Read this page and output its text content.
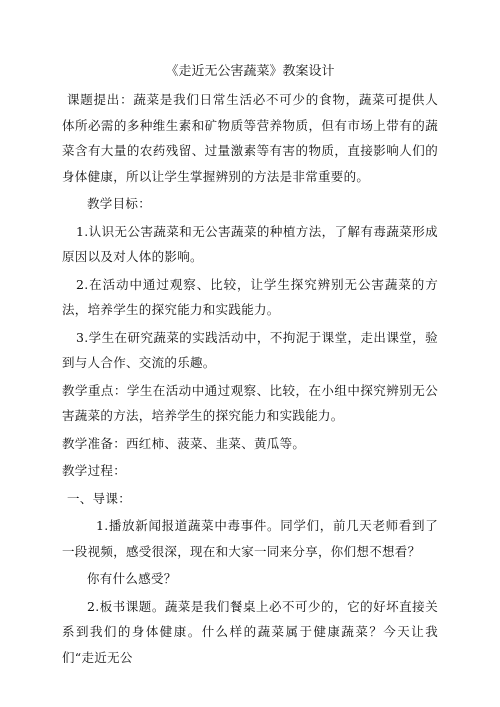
《走近无公害蔬菜》教案设计

课题提出：蔬菜是我们日常生活必不可少的食物，蔬菜可提供人体所必需的多种维生素和矿物质等营养物质，但有市场上带有的蔬菜含有大量的农药残留、过量激素等有害的物质，直接影响人们的身体健康，所以让学生掌握辨别的方法是非常重要的。

教学目标：

1.认识无公害蔬菜和无公害蔬菜的种植方法，了解有毒蔬菜形成原因以及对人体的影响。

2.在活动中通过观察、比较，让学生探究辨别无公害蔬菜的方法，培养学生的探究能力和实践能力。

3.学生在研究蔬菜的实践活动中，不拘泥于课堂，走出课堂，验到与人合作、交流的乐趣。

教学重点：学生在活动中通过观察、比较，在小组中探究辨别无公害蔬菜的方法，培养学生的探究能力和实践能力。

教学准备：西红柿、菠菜、韭菜、黄瓜等。

教学过程：

一、导课：

1.播放新闻报道蔬菜中毒事件。同学们，前几天老师看到了一段视频，感受很深，现在和大家一同来分享，你们想不想看？

你有什么感受？

2.板书课题。蔬菜是我们餐桌上必不可少的，它的好坏直接关系到我们的身体健康。什么样的蔬菜属于健康蔬菜？今天让我们“走近无公
